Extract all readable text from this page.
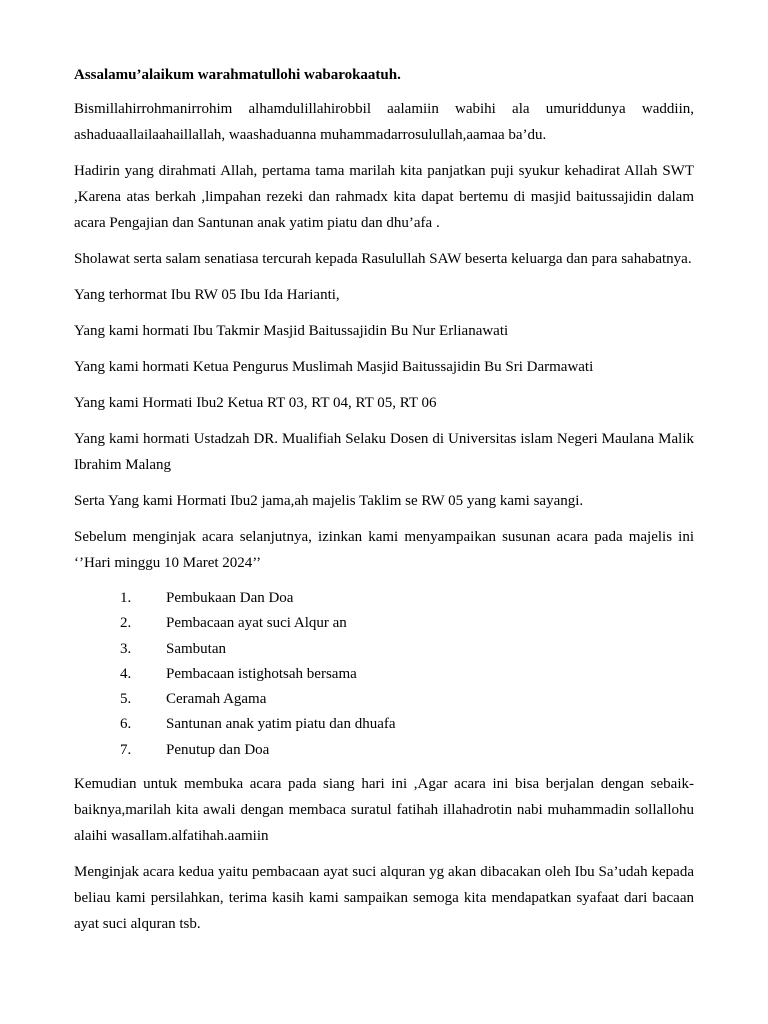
Assalamu’alaikum warahmatullohi wabarokaatuh.

Bismillahirrohmanirrohim alhamdulillahirobbil aalamiin wabihi ala umuriddunya waddiin, ashaduaallailaahaillallah, waashaduanna muhammadarrosulullah,aamaa ba’du.

Hadirin yang dirahmati Allah, pertama tama marilah kita panjatkan puji syukur kehadirat Allah SWT ,Karena atas berkah ,limpahan rezeki dan rahmadx kita dapat bertemu di masjid baitussajidin dalam acara Pengajian dan Santunan anak yatim piatu dan dhu’afa .

Sholawat serta salam senatiasa tercurah kepada Rasulullah SAW beserta keluarga dan para sahabatnya.

Yang terhormat Ibu RW 05 Ibu Ida Harianti,

Yang kami hormati Ibu Takmir Masjid Baitussajidin Bu Nur Erlianawati

Yang kami hormati Ketua Pengurus Muslimah Masjid Baitussajidin Bu Sri Darmawati

Yang kami Hormati Ibu2 Ketua RT 03, RT 04, RT 05, RT 06

Yang kami hormati Ustadzah DR. Mualifiah Selaku Dosen di Universitas islam Negeri Maulana Malik Ibrahim Malang

Serta Yang kami Hormati Ibu2 jama,ah majelis Taklim se RW 05 yang kami sayangi.

Sebelum menginjak acara selanjutnya, izinkan kami menyampaikan susunan acara pada majelis ini ‘’Hari minggu 10 Maret 2024’’

1.	Pembukaan Dan Doa
2.	Pembacaan ayat suci Alqur an
3.	Sambutan
4.	Pembacaan istighotsah bersama
5.	Ceramah Agama
6.	Santunan anak yatim piatu dan dhuafa
7.	Penutup dan Doa

Kemudian untuk membuka acara pada siang hari ini ,Agar acara ini bisa berjalan dengan sebaik-baiknya,marilah kita awali dengan membaca suratul fatihah illahadrotin nabi muhammadin sollallohu alaihi wasallam.alfatihah.aamiin

Menginjak acara kedua yaitu pembacaan ayat suci alquran yg akan dibacakan oleh Ibu Sa’udah kepada beliau kami persilahkan, terima kasih kami sampaikan semoga kita mendapatkan syafaat dari bacaan ayat suci alquran tsb.
